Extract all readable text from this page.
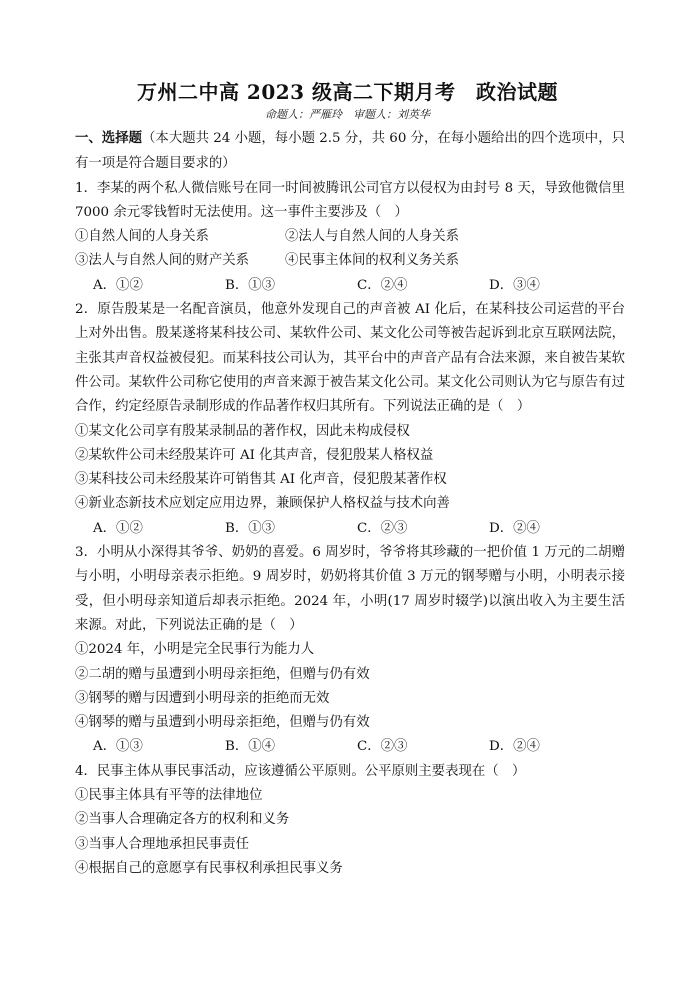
万州二中高 2023 级高二下期月考　政治试题
命题人：严雁玲　审题人：刘英华

一、选择题（本大题共 24 小题，每小题 2.5 分，共 60 分，在每小题给出的四个选项中，只有一项是符合题目要求的）

1．李某的两个私人微信账号在同一时间被腾讯公司官方以侵权为由封号 8 天，导致他微信里 7000 余元零钱暂时无法使用。这一事件主要涉及（　）

①自然人间的人身关系	②法人与自然人间的人身关系
③法人与自然人间的财产关系	④民事主体间的权利义务关系
A．①②	B．①③	C．②④	D．③④

2．原告殷某是一名配音演员，他意外发现自己的声音被 AI 化后，在某科技公司运营的平台上对外出售。殷某遂将某科技公司、某软件公司、某文化公司等被告起诉到北京互联网法院，主张其声音权益被侵犯。而某科技公司认为，其平台中的声音产品有合法来源，来自被告某软件公司。某软件公司称它使用的声音来源于被告某文化公司。某文化公司则认为它与原告有过合作，约定经原告录制形成的作品著作权归其所有。下列说法正确的是（　）

①某文化公司享有殷某录制品的著作权，因此未构成侵权

②某软件公司未经殷某许可 AI 化其声音，侵犯殷某人格权益

③某科技公司未经殷某许可销售其 AI 化声音，侵犯殷某著作权

④新业态新技术应划定应用边界，兼顾保护人格权益与技术向善

A．①②	B．①③	C．②③	D．②④

3．小明从小深得其爷爷、奶奶的喜爱。6 周岁时，爷爷将其珍藏的一把价值 1 万元的二胡赠与小明，小明母亲表示拒绝。9 周岁时，奶奶将其价值 3 万元的钢琴赠与小明，小明表示接受，但小明母亲知道后却表示拒绝。2024 年，小明(17 周岁时辍学)以演出收入为主要生活来源。对此，下列说法正确的是（　）

①2024 年，小明是完全民事行为能力人

②二胡的赠与虽遭到小明母亲拒绝，但赠与仍有效

③钢琴的赠与因遭到小明母亲的拒绝而无效

④钢琴的赠与虽遭到小明母亲拒绝，但赠与仍有效

A．①③	B．①④	C．②③	D．②④

4．民事主体从事民事活动，应该遵循公平原则。公平原则主要表现在（　）

①民事主体具有平等的法律地位

②当事人合理确定各方的权利和义务

③当事人合理地承担民事责任

④根据自己的意愿享有民事权利承担民事义务
